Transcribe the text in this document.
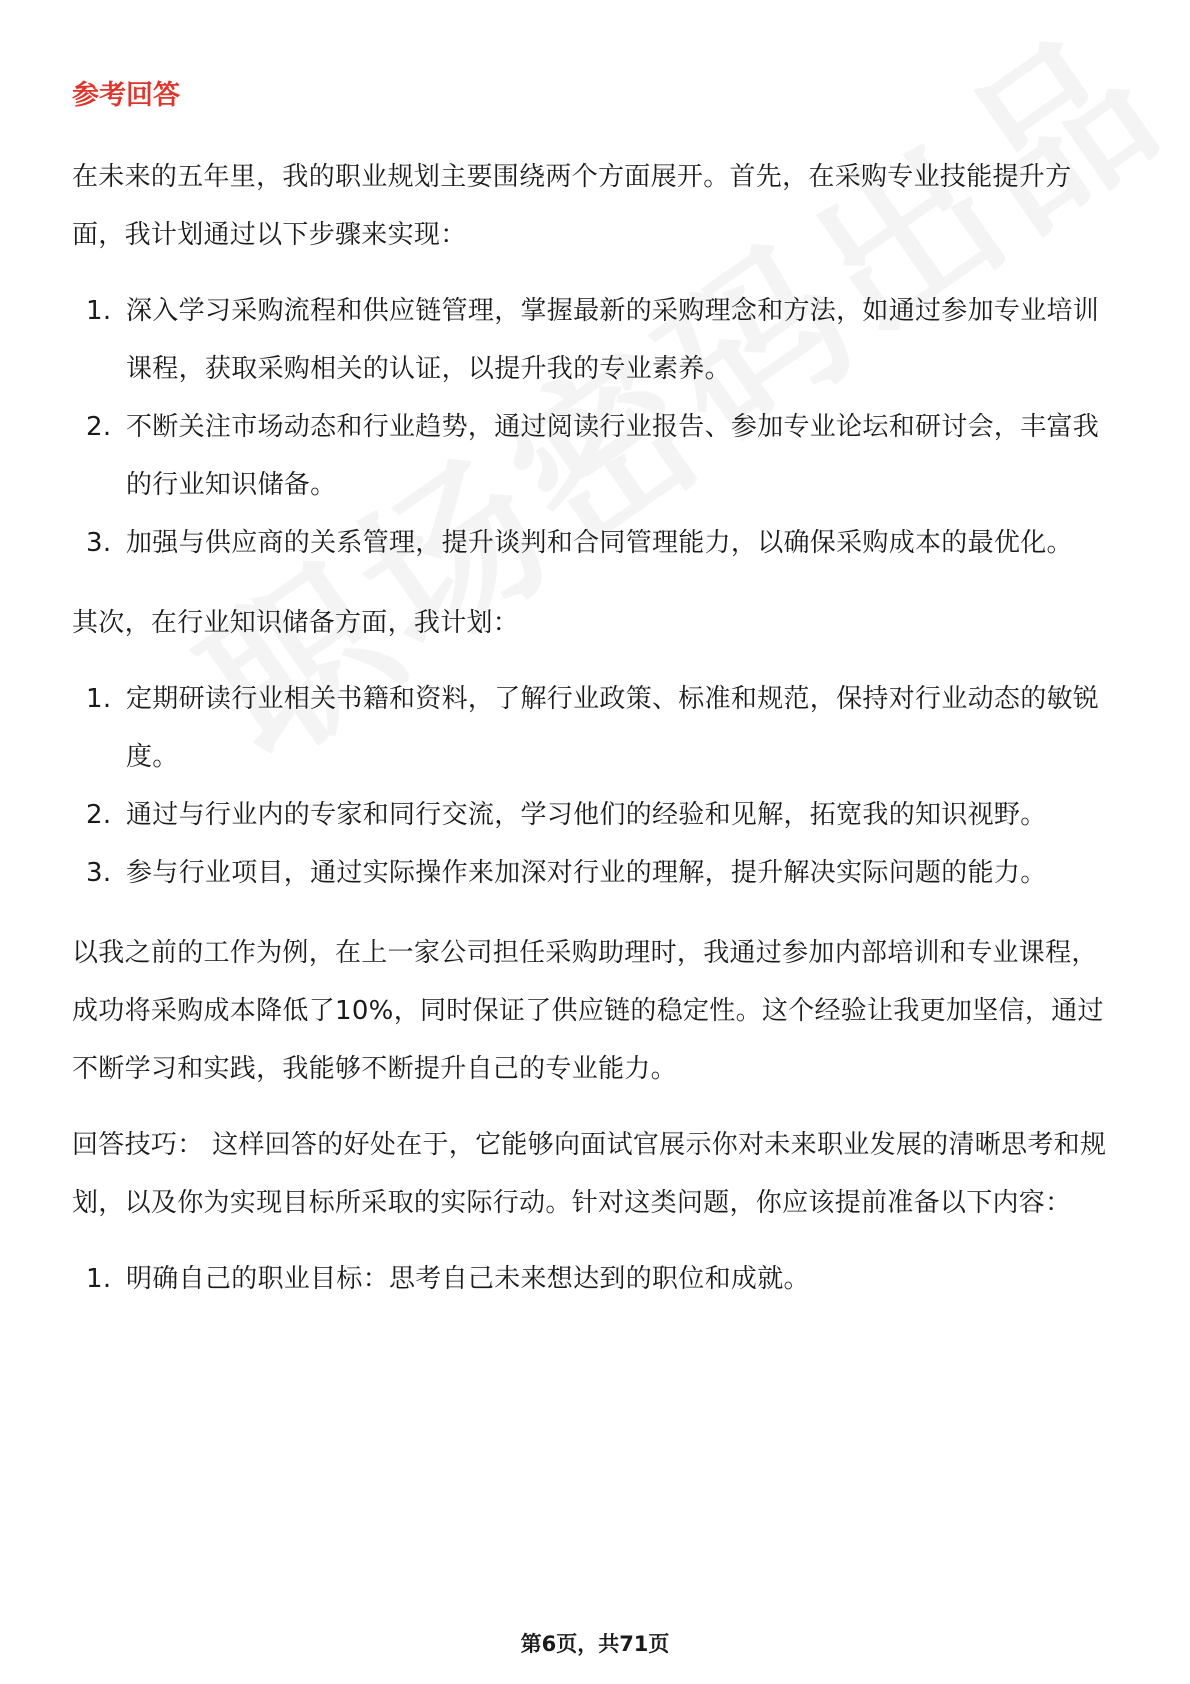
参考回答

在未来的五年里，我的职业规划主要围绕两个方面展开。首先，在采购专业技能提升方面，我计划通过以下步骤来实现：

1. 深入学习采购流程和供应链管理，掌握最新的采购理念和方法，如通过参加专业培训课程，获取采购相关的认证，以提升我的专业素养。
2. 不断关注市场动态和行业趋势，通过阅读行业报告、参加专业论坛和研讨会，丰富我的行业知识储备。
3. 加强与供应商的关系管理，提升谈判和合同管理能力，以确保采购成本的最优化。

其次，在行业知识储备方面，我计划：

1. 定期研读行业相关书籍和资料，了解行业政策、标准和规范，保持对行业动态的敏锐度。
2. 通过与行业内的专家和同行交流，学习他们的经验和见解，拓宽我的知识视野。
3. 参与行业项目，通过实际操作来加深对行业的理解，提升解决实际问题的能力。

以我之前的工作为例，在上一家公司担任采购助理时，我通过参加内部培训和专业课程，成功将采购成本降低了10%，同时保证了供应链的稳定性。这个经验让我更加坚信，通过不断学习和实践，我能够不断提升自己的专业能力。

回答技巧： 这样回答的好处在于，它能够向面试官展示你对未来职业发展的清晰思考和规划，以及你为实现目标所采取的实际行动。针对这类问题，你应该提前准备以下内容：

1. 明确自己的职业目标：思考自己未来想达到的职位和成就。
第6页，共71页
